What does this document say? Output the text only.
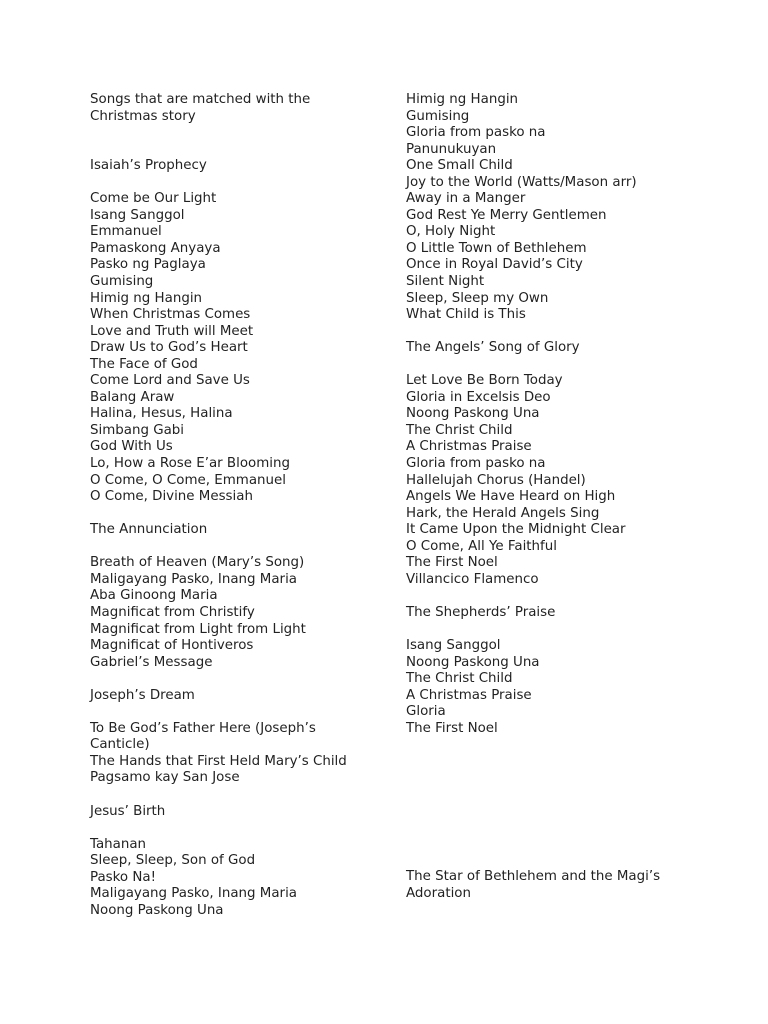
Songs that are matched with the
Christmas story
Isaiah’s Prophecy
Come be Our Light
Isang Sanggol
Emmanuel
Pamaskong Anyaya
Pasko ng Paglaya
Gumising
Himig ng Hangin
When Christmas Comes
Love and Truth will Meet
Draw Us to God’s Heart
The Face of God
Come Lord and Save Us
Balang Araw
Halina, Hesus, Halina
Simbang Gabi
God With Us
Lo, How a Rose E’ar Blooming
O Come, O Come, Emmanuel
O Come, Divine Messiah
The Annunciation
Breath of Heaven (Mary’s Song)
Maligayang Pasko, Inang Maria
Aba Ginoong Maria
Magnificat from Christify
Magnificat from Light from Light
Magnificat of Hontiveros
Gabriel’s Message
Joseph’s Dream
To Be God’s Father Here (Joseph’s
Canticle)
The Hands that First Held Mary’s Child
Pagsamo kay San Jose
Jesus’ Birth
Tahanan
Sleep, Sleep, Son of God
Pasko Na!
Maligayang Pasko, Inang Maria
Noong Paskong Una
Himig ng Hangin
Gumising
Gloria from pasko na
Panunukuyan
One Small Child
Joy to the World (Watts/Mason arr)
Away in a Manger
God Rest Ye Merry Gentlemen
O, Holy Night
O Little Town of Bethlehem
Once in Royal David’s City
Silent Night
Sleep, Sleep my Own
What Child is This
The Angels’ Song of Glory
Let Love Be Born Today
Gloria in Excelsis Deo
Noong Paskong Una
The Christ Child
A Christmas Praise
Gloria from pasko na
Hallelujah Chorus (Handel)
Angels We Have Heard on High
Hark, the Herald Angels Sing
It Came Upon the Midnight Clear
O Come, All Ye Faithful
The First Noel
Villancico Flamenco
The Shepherds’ Praise
Isang Sanggol
Noong Paskong Una
The Christ Child
A Christmas Praise
Gloria
The First Noel
The Star of Bethlehem and the Magi’s
Adoration
